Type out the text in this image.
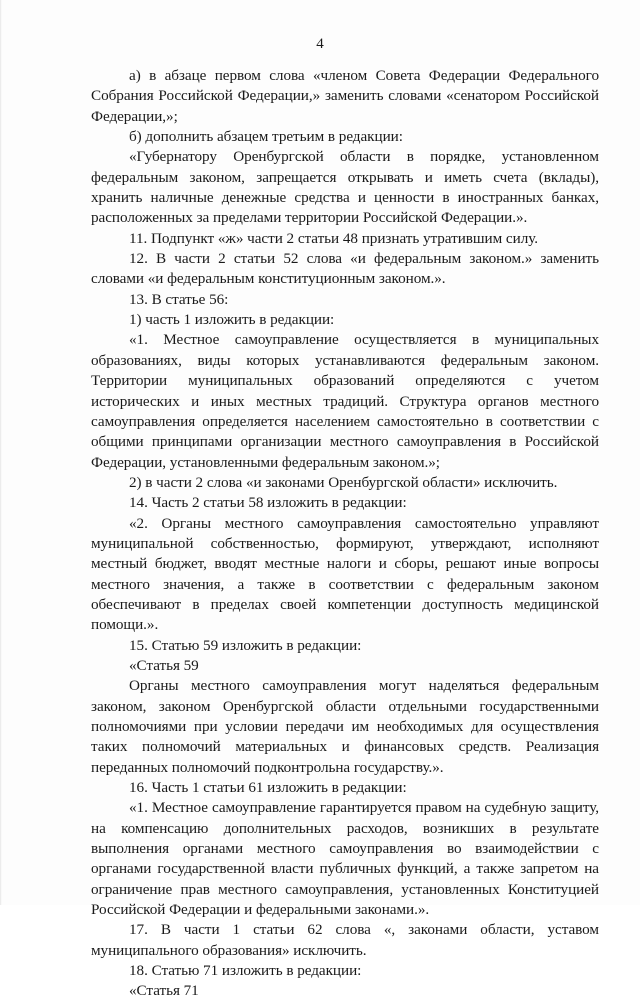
4

а) в абзаце первом слова «членом Совета Федерации Федерального Собрания Российской Федерации,» заменить словами «сенатором Российской Федерации,»;

б) дополнить абзацем третьим в редакции:

«Губернатору Оренбургской области в порядке, установленном федеральным законом, запрещается открывать и иметь счета (вклады), хранить наличные денежные средства и ценности в иностранных банках, расположенных за пределами территории Российской Федерации.».

11. Подпункт «ж» части 2 статьи 48 признать утратившим силу.

12. В части 2 статьи 52 слова «и федеральным законом.» заменить словами «и федеральным конституционным законом.».

13. В статье 56:

1) часть 1 изложить в редакции:

«1. Местное самоуправление осуществляется в муниципальных образованиях, виды которых устанавливаются федеральным законом. Территории муниципальных образований определяются с учетом исторических и иных местных традиций. Структура органов местного самоуправления определяется населением самостоятельно в соответствии с общими принципами организации местного самоуправления в Российской Федерации, установленными федеральным законом.»;

2) в части 2 слова «и законами Оренбургской области» исключить.

14. Часть 2 статьи 58 изложить в редакции:

«2. Органы местного самоуправления самостоятельно управляют муниципальной собственностью, формируют, утверждают, исполняют местный бюджет, вводят местные налоги и сборы, решают иные вопросы местного значения, а также в соответствии с федеральным законом обеспечивают в пределах своей компетенции доступность медицинской помощи.».

15. Статью 59 изложить в редакции:

«Статья 59

Органы местного самоуправления могут наделяться федеральным законом, законом Оренбургской области отдельными государственными полномочиями при условии передачи им необходимых для осуществления таких полномочий материальных и финансовых средств. Реализация переданных полномочий подконтрольна государству.».

16. Часть 1 статьи 61 изложить в редакции:

«1. Местное самоуправление гарантируется правом на судебную защиту, на компенсацию дополнительных расходов, возникших в результате выполнения органами местного самоуправления во взаимодействии с органами государственной власти публичных функций, а также запретом на ограничение прав местного самоуправления, установленных Конституцией Российской Федерации и федеральными законами.».

17. В части 1 статьи 62 слова «, законами области, уставом муниципального образования» исключить.

18. Статью 71 изложить в редакции:

«Статья 71
